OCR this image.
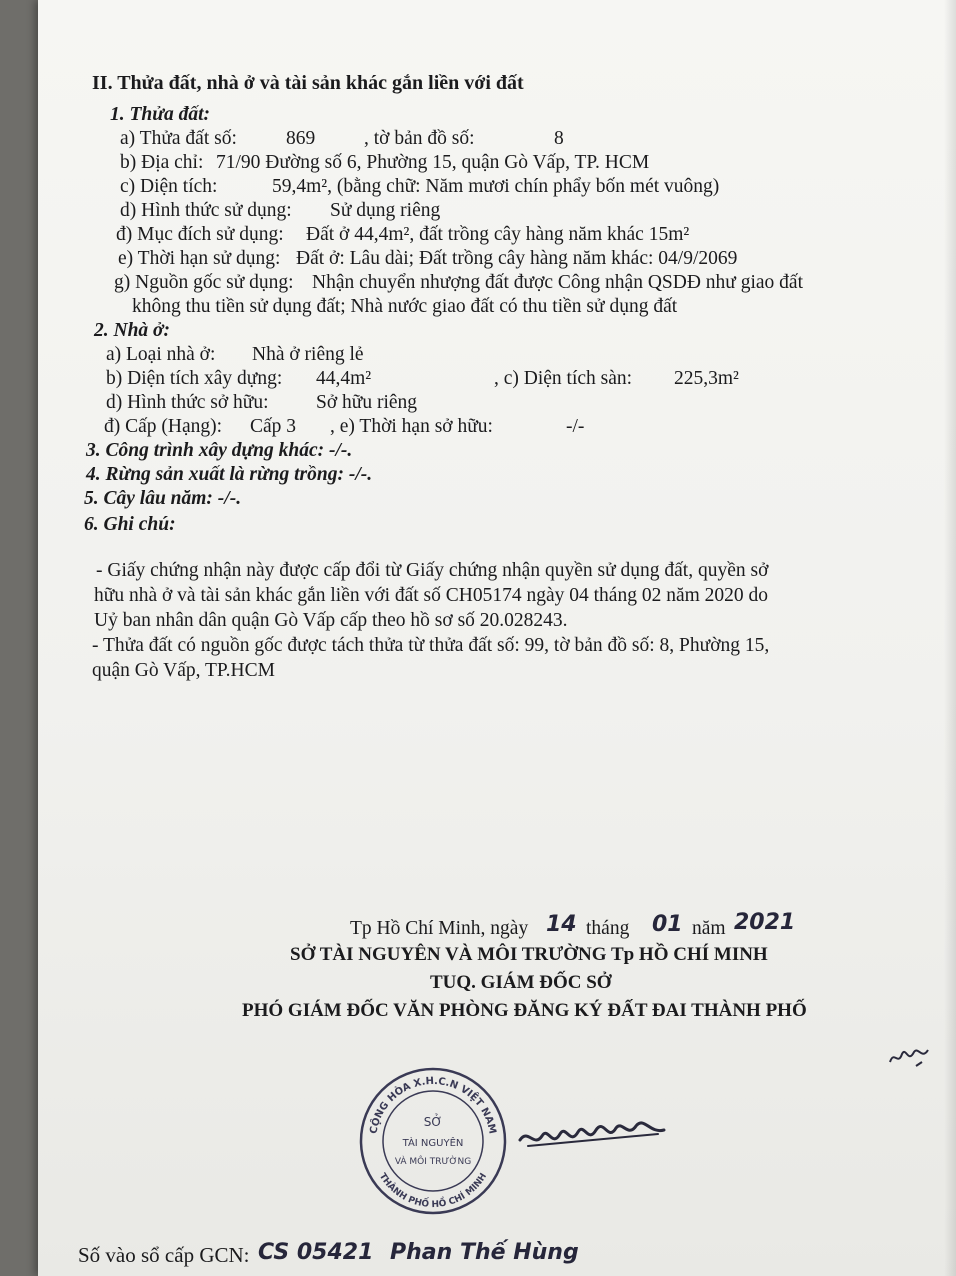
II. Thửa đất, nhà ở và tài sản khác gắn liền với đất
1. Thửa đất:
a) Thửa đất số:	869	, tờ bản đồ số:	8
b) Địa chỉ: 71/90 Đường số 6, Phường 15, quận Gò Vấp, TP. HCM
c) Diện tích:	59,4m², (bằng chữ: Năm mươi chín phẩy bốn mét vuông)
d) Hình thức sử dụng: Sử dụng riêng
đ) Mục đích sử dụng: Đất ở 44,4m², đất trồng cây hàng năm khác 15m²
e) Thời hạn sử dụng: Đất ở: Lâu dài; Đất trồng cây hàng năm khác: 04/9/2069
g) Nguồn gốc sử dụng: Nhận chuyển nhượng đất được Công nhận QSDĐ như giao đất
không thu tiền sử dụng đất; Nhà nước giao đất có thu tiền sử dụng đất
2. Nhà ở:
a) Loại nhà ở: Nhà ở riêng lẻ
b) Diện tích xây dựng: 44,4m²	, c) Diện tích sàn: 225,3m²
d) Hình thức sở hữu: Sở hữu riêng
đ) Cấp (Hạng): Cấp 3 , e) Thời hạn sở hữu:	-/-
3. Công trình xây dựng khác: -/-.
4. Rừng sản xuất là rừng trồng: -/-.
5. Cây lâu năm: -/-.
6. Ghi chú:
- Giấy chứng nhận này được cấp đổi từ Giấy chứng nhận quyền sử dụng đất, quyền sở
hữu nhà ở và tài sản khác gắn liền với đất số CH05174 ngày 04 tháng 02 năm 2020 do
Uỷ ban nhân dân quận Gò Vấp cấp theo hồ sơ số 20.028243.
- Thửa đất có nguồn gốc được tách thửa từ thửa đất số: 99, tờ bản đồ số: 8, Phường 15,
quận Gò Vấp, TP.HCM
Tp Hồ Chí Minh, ngày 14 tháng 01 năm 2021
SỞ TÀI NGUYÊN VÀ MÔI TRƯỜNG Tp HỒ CHÍ MINH
TUQ. GIÁM ĐỐC SỞ
PHÓ GIÁM ĐỐC VĂN PHÒNG ĐĂNG KÝ ĐẤT ĐAI THÀNH PHỐ
CỘNG HÒA X.H.C.N VIỆT NAM
THÀNH PHỐ HỒ CHÍ MINH
SỞ
TÀI NGUYÊN
VÀ MÔI TRƯỜNG
Số vào sổ cấp GCN: CS 05421 Phan Thế Hùng
